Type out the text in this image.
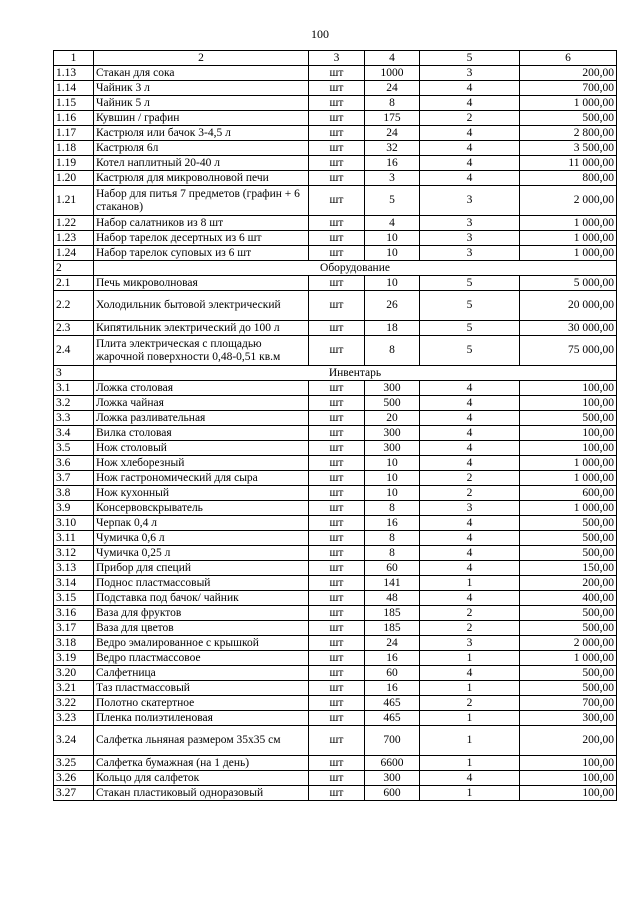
100
1	2	3	4	5	6
1.13	Стакан для сока	шт	1000	3	200,00
1.14	Чайник 3 л	шт	24	4	700,00
1.15	Чайник 5 л	шт	8	4	1 000,00
1.16	Кувшин / графин	шт	175	2	500,00
1.17	Кастрюля или бачок 3-4,5 л	шт	24	4	2 800,00
1.18	Кастрюля 6л	шт	32	4	3 500,00
1.19	Котел наплитный 20-40 л	шт	16	4	11 000,00
1.20	Кастрюля для микроволновой печи	шт	3	4	800,00
1.21	Набор для питья 7 предметов (графин + 6 стаканов)	шт	5	3	2 000,00
1.22	Набор салатников из 8 шт	шт	4	3	1 000,00
1.23	Набор тарелок десертных из 6 шт	шт	10	3	1 000,00
1.24	Набор тарелок суповых из 6 шт	шт	10	3	1 000,00
2	Оборудование				
2.1	Печь микроволновая	шт	10	5	5 000,00
2.2	Холодильник бытовой электрический	шт	26	5	20 000,00
2.3	Кипятильник электрический до 100 л	шт	18	5	30 000,00
2.4	Плита электрическая с площадью жарочной поверхности 0,48-0,51 кв.м	шт	8	5	75 000,00
3	Инвентарь				
3.1	Ложка столовая	шт	300	4	100,00
3.2	Ложка чайная	шт	500	4	100,00
3.3	Ложка разливательная	шт	20	4	500,00
3.4	Вилка столовая	шт	300	4	100,00
3.5	Нож столовый	шт	300	4	100,00
3.6	Нож хлеборезный	шт	10	4	1 000,00
3.7	Нож гастрономический для сыра	шт	10	2	1 000,00
3.8	Нож кухонный	шт	10	2	600,00
3.9	Консервовскрыватель	шт	8	3	1 000,00
3.10	Черпак 0,4 л	шт	16	4	500,00
3.11	Чумичка 0,6 л	шт	8	4	500,00
3.12	Чумичка 0,25 л	шт	8	4	500,00
3.13	Прибор для специй	шт	60	4	150,00
3.14	Поднос пластмассовый	шт	141	1	200,00
3.15	Подставка под бачок/ чайник	шт	48	4	400,00
3.16	Ваза для фруктов	шт	185	2	500,00
3.17	Ваза для цветов	шт	185	2	500,00
3.18	Ведро эмалированное с крышкой	шт	24	3	2 000,00
3.19	Ведро пластмассовое	шт	16	1	1 000,00
3.20	Салфетница	шт	60	4	500,00
3.21	Таз пластмассовый	шт	16	1	500,00
3.22	Полотно скатертное	шт	465	2	700,00
3.23	Пленка полиэтиленовая	шт	465	1	300,00
3.24	Салфетка льняная размером 35x35 см	шт	700	1	200,00
3.25	Салфетка бумажная (на 1 день)	шт	6600	1	100,00
3.26	Кольцо для салфеток	шт	300	4	100,00
3.27	Стакан пластиковый одноразовый	шт	600	1	100,00
